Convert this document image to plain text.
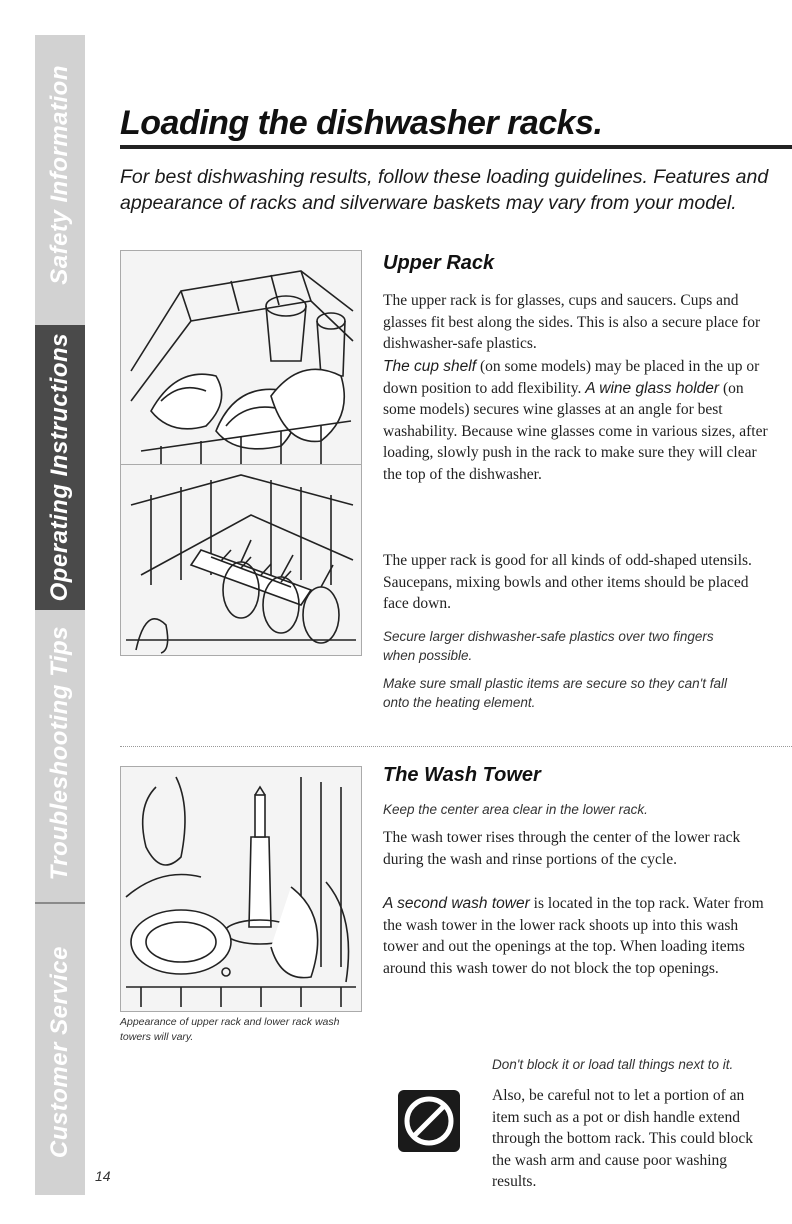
Safety Information
Operating Instructions
Troubleshooting Tips
Customer Service
Loading the dishwasher racks.

For best dishwashing results, follow these loading guidelines. Features and appearance of racks and silverware baskets may vary from your model.

Upper Rack

The upper rack is for glasses, cups and saucers. Cups and glasses fit best along the sides. This is also a secure place for dishwasher-safe plastics.

The cup shelf (on some models) may be placed in the up or down position to add flexibility. A wine glass holder (on some models) secures wine glasses at an angle for best washability. Because wine glasses come in various sizes, after loading, slowly push in the rack to make sure they will clear the top of the dishwasher.

The upper rack is good for all kinds of odd-shaped utensils. Saucepans, mixing bowls and other items should be placed face down.

Secure larger dishwasher-safe plastics over two fingers when possible.

Make sure small plastic items are secure so they can't fall onto the heating element.

Appearance of upper rack and lower rack wash towers will vary.

The Wash Tower

Keep the center area clear in the lower rack.

The wash tower rises through the center of the lower rack during the wash and rinse portions of the cycle.

A second wash tower is located in the top rack. Water from the wash tower in the lower rack shoots up into this wash tower and out the openings at the top. When loading items around this wash tower do not block the top openings.

Don't block it or load tall things next to it.

Also, be careful not to let a portion of an item such as a pot or dish handle extend through the bottom rack. This could block the wash arm and cause poor washing results.

14
